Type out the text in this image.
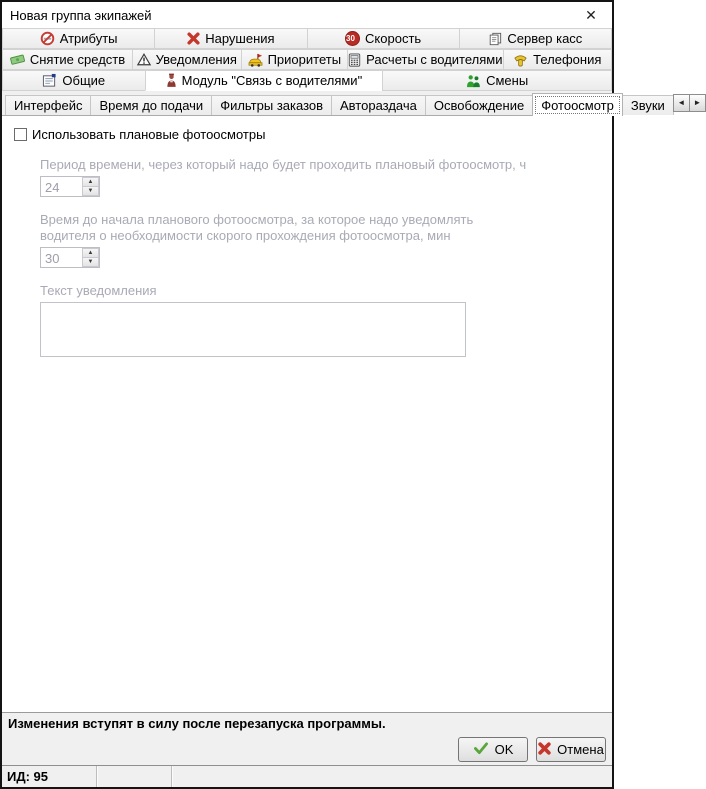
Новая группа экипажей	✕
Атрибуты	Нарушения	30 Скорость	Сервер касс
Снятие средств Уведомления Приоритеты Расчеты с водителями Телефония
Общие	Модуль "Связь с водителями"	Смены
Интерфейс Время до подачи Фильтры заказов Автораздача Освобождение Фотоосмотр Звуки	◄	►
Использовать плановые фотоосмотры
Период времени, через который надо будет проходить плановый фотоосмотр, ч
24	▲
▼
Время до начала планового фотоосмотра, за которое надо уведомлять
водителя о необходимости скорого прохождения фотоосмотра, мин
30	▲
▼
Текст уведомления
Изменения вступят в силу после перезапуска программы.
OK	Отмена
ИД: 95
